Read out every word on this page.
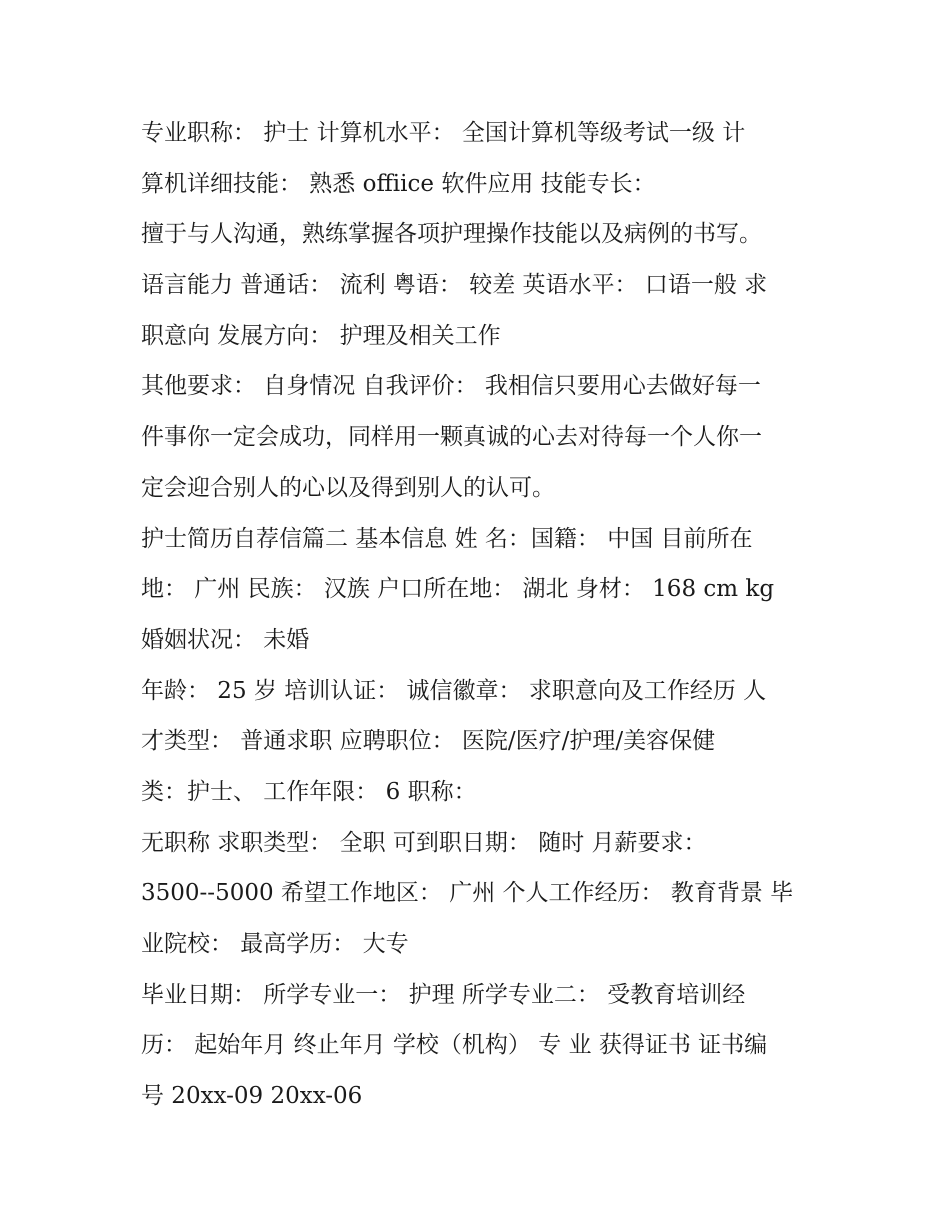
专业职称： 护士 计算机水平： 全国计算机等级考试一级 计
算机详细技能： 熟悉 offiice 软件应用 技能专长：
擅于与人沟通，熟练掌握各项护理操作技能以及病例的书写。
语言能力 普通话： 流利 粤语： 较差 英语水平： 口语一般 求
职意向 发展方向： 护理及相关工作
其他要求： 自身情况 自我评价： 我相信只要用心去做好每一
件事你一定会成功，同样用一颗真诚的心去对待每一个人你一
定会迎合别人的心以及得到别人的认可。
护士简历自荐信篇二 基本信息 姓 名：国籍： 中国 目前所在
地： 广州 民族： 汉族 户口所在地： 湖北 身材： 168 cm kg
婚姻状况： 未婚
年龄： 25 岁 培训认证： 诚信徽章： 求职意向及工作经历 人
才类型： 普通求职 应聘职位： 医院/医疗/护理/美容保健
类：护士、 工作年限： 6 职称：
无职称 求职类型： 全职 可到职日期： 随时 月薪要求：
3500--5000 希望工作地区： 广州 个人工作经历： 教育背景 毕
业院校： 最高学历： 大专
毕业日期： 所学专业一： 护理 所学专业二： 受教育培训经
历： 起始年月 终止年月 学校（机构） 专 业 获得证书 证书编
号 20xx-09 20xx-06
